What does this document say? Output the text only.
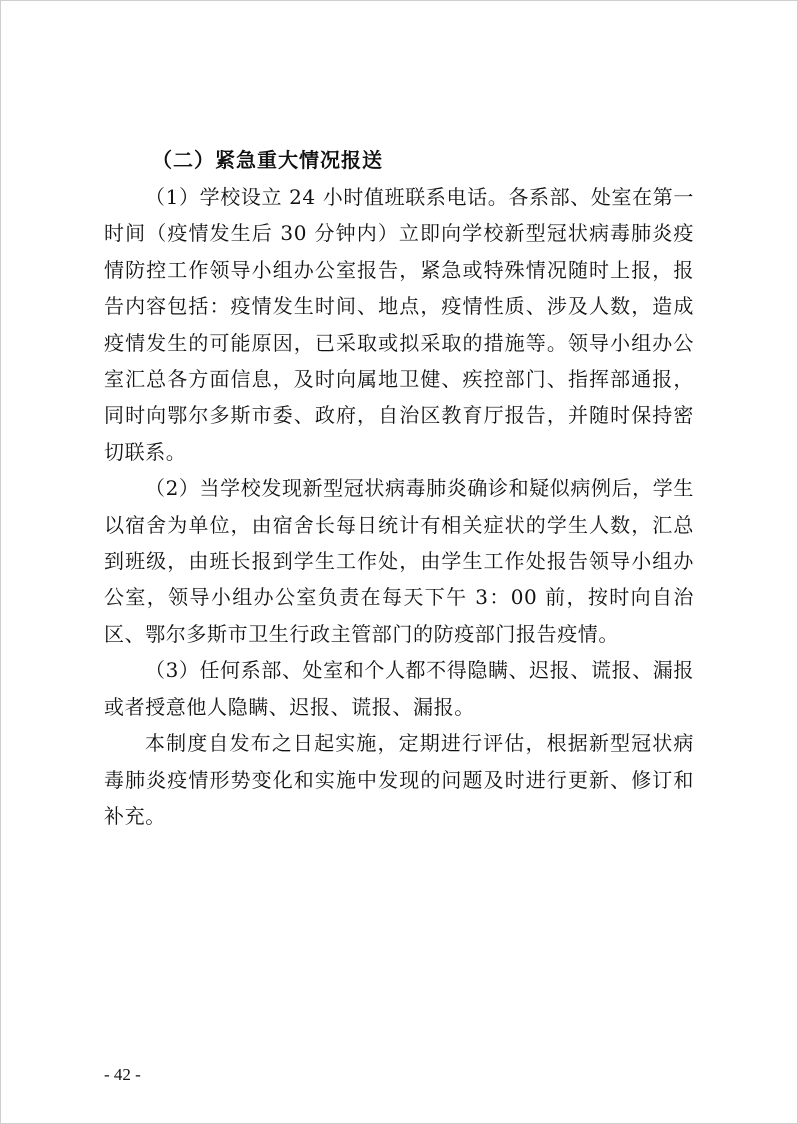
（二）紧急重大情况报送

（1）学校设立 24 小时值班联系电话。各系部、处室在第一时间（疫情发生后 30 分钟内）立即向学校新型冠状病毒肺炎疫情防控工作领导小组办公室报告，紧急或特殊情况随时上报，报告内容包括：疫情发生时间、地点，疫情性质、涉及人数，造成疫情发生的可能原因，已采取或拟采取的措施等。领导小组办公室汇总各方面信息，及时向属地卫健、疾控部门、指挥部通报，同时向鄂尔多斯市委、政府，自治区教育厅报告，并随时保持密切联系。

（2）当学校发现新型冠状病毒肺炎确诊和疑似病例后，学生以宿舍为单位，由宿舍长每日统计有相关症状的学生人数，汇总到班级，由班长报到学生工作处，由学生工作处报告领导小组办公室，领导小组办公室负责在每天下午 3：00 前，按时向自治区、鄂尔多斯市卫生行政主管部门的防疫部门报告疫情。

（3）任何系部、处室和个人都不得隐瞒、迟报、谎报、漏报或者授意他人隐瞒、迟报、谎报、漏报。

本制度自发布之日起实施，定期进行评估，根据新型冠状病毒肺炎疫情形势变化和实施中发现的问题及时进行更新、修订和补充。

- 42 -
